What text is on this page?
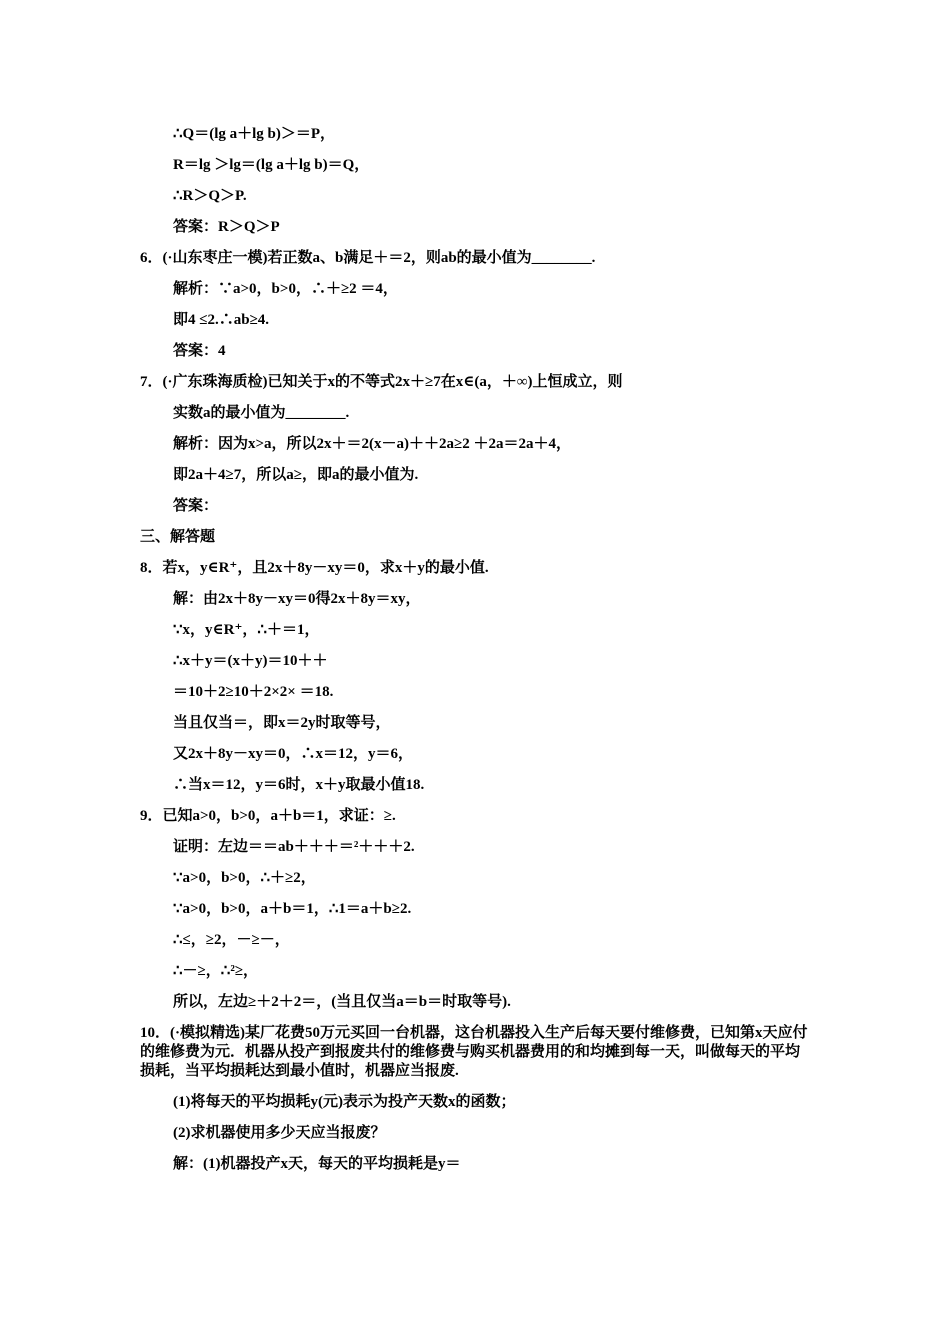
∴Q＝(lg a＋lg b)＞＝P，
R＝lg ＞lg＝(lg a＋lg b)＝Q，
∴R＞Q＞P.
答案：R＞Q＞P
6．(·山东枣庄一模)若正数a、b满足＋＝2，则ab的最小值为________.
解析：∵a>0，b>0，∴＋≥2 ＝4，
即4 ≤2.∴ab≥4.
答案：4
7．(·广东珠海质检)已知关于x的不等式2x＋≥7在x∈(a，＋∞)上恒成立，则
实数a的最小值为________.
解析：因为x>a，所以2x＋＝2(x－a)＋＋2a≥2 ＋2a＝2a＋4，
即2a＋4≥7，所以a≥，即a的最小值为.
答案：
三、解答题
8．若x，y∈R⁺，且2x＋8y－xy＝0，求x＋y的最小值.
解：由2x＋8y－xy＝0得2x＋8y＝xy，
∵x，y∈R⁺，∴＋＝1，
∴x＋y＝(x＋y)＝10＋＋
＝10＋2≥10＋2×2× ＝18.
当且仅当＝，即x＝2y时取等号，
又2x＋8y－xy＝0，∴x＝12，y＝6，
∴当x＝12，y＝6时，x＋y取最小值18.
9．已知a>0，b>0，a＋b＝1，求证：≥.
证明：左边＝＝ab＋＋＋＝²＋＋＋2.
∵a>0，b>0，∴＋≥2，
∵a>0，b>0，a＋b＝1，∴1＝a＋b≥2.
∴≤，≥2，－≥－，
∴－≥，∴²≥，
所以，左边≥＋2＋2＝，(当且仅当a＝b＝时取等号).
10．(·模拟精选)某厂花费50万元买回一台机器，这台机器投入生产后每天要付维修费，已知第x天应付的维修费为元．机器从投产到报废共付的维修费与购买机器费用的和均摊到每一天，叫做每天的平均损耗，当平均损耗达到最小值时，机器应当报废.
(1)将每天的平均损耗y(元)表示为投产天数x的函数；
(2)求机器使用多少天应当报废？
解：(1)机器投产x天，每天的平均损耗是y＝
